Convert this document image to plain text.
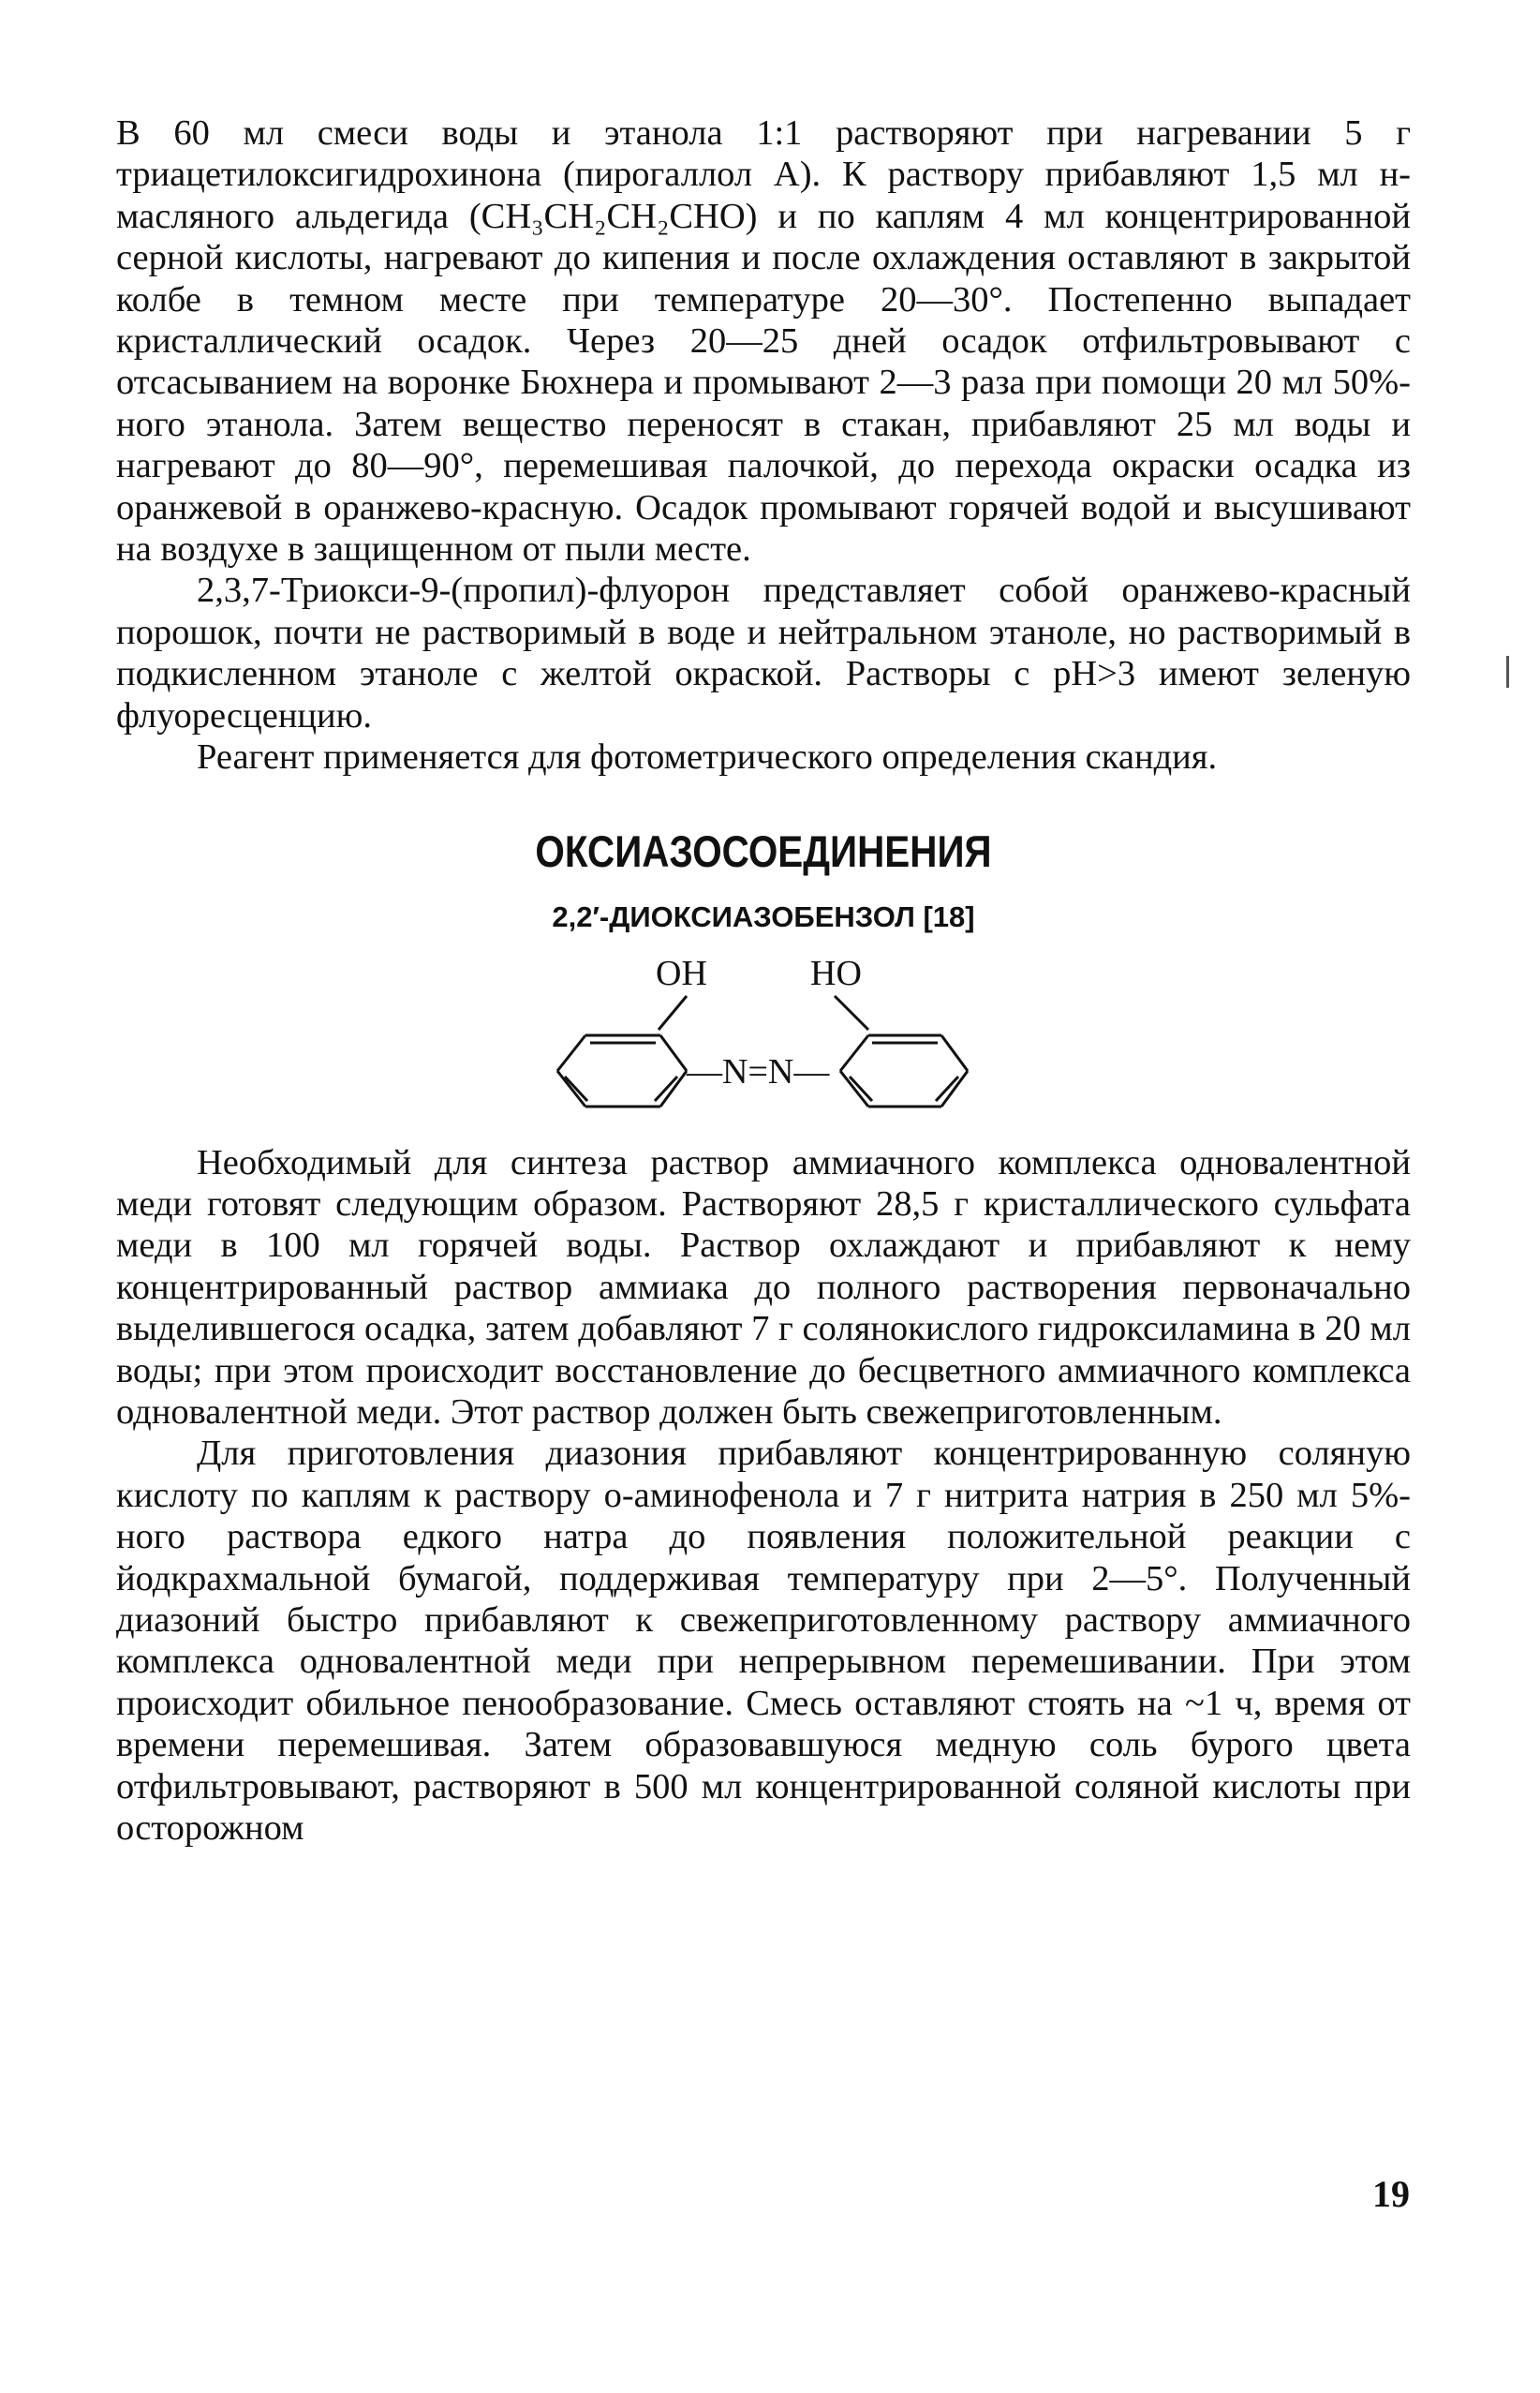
В 60 мл смеси воды и этанола 1:1 растворяют при нагревании 5 г триацетилоксигидрохинона (пирогаллол А). К раствору прибавляют 1,5 мл н-масляного альдегида (CH₃CH₂CH₂CHO) и по каплям 4 мл концентрированной серной кислоты, нагревают до кипения и после охлаждения оставляют в закрытой колбе в темном месте при температуре 20—30°. Постепенно выпадает кристаллический осадок. Через 20—25 дней осадок отфильтровывают с отсасыванием на воронке Бюхнера и промывают 2—3 раза при помощи 20 мл 50%-ного этанола. Затем вещество переносят в стакан, прибавляют 25 мл воды и нагревают до 80—90°, перемешивая палочкой, до перехода окраски осадка из оранжевой в оранжево-красную. Осадок промывают горячей водой и высушивают на воздухе в защищенном от пыли месте.

2,3,7-Триокси-9-(пропил)-флуорон представляет собой оранжево-красный порошок, почти не растворимый в воде и нейтральном этаноле, но растворимый в подкисленном этаноле с желтой окраской. Растворы с pH>3 имеют зеленую флуоресценцию.

Реагент применяется для фотометрического определения скандия.

ОКСИАЗОСОЕДИНЕНИЯ
2,2′-ДИОКСИАЗОБЕНЗОЛ [18]
OH	HO
—N=N—

Необходимый для синтеза раствор аммиачного комплекса одновалентной меди готовят следующим образом. Растворяют 28,5 г кристаллического сульфата меди в 100 мл горячей воды. Раствор охлаждают и прибавляют к нему концентрированный раствор аммиака до полного растворения первоначально выделившегося осадка, затем добавляют 7 г солянокислого гидроксиламина в 20 мл воды; при этом происходит восстановление до бесцветного аммиачного комплекса одновалентной меди. Этот раствор должен быть свежеприготовленным.

Для приготовления диазония прибавляют концентрированную соляную кислоту по каплям к раствору о-аминофенола и 7 г нитрита натрия в 250 мл 5%-ного раствора едкого натра до появления положительной реакции с йодкрахмальной бумагой, поддерживая температуру при 2—5°. Полученный диазоний быстро прибавляют к свежеприготовленному раствору аммиачного комплекса одновалентной меди при непрерывном перемешивании. При этом происходит обильное пенообразование. Смесь оставляют стоять на ~1 ч, время от времени перемешивая. Затем образовавшуюся медную соль бурого цвета отфильтровывают, растворяют в 500 мл концентрированной соляной кислоты при осторожном

19
